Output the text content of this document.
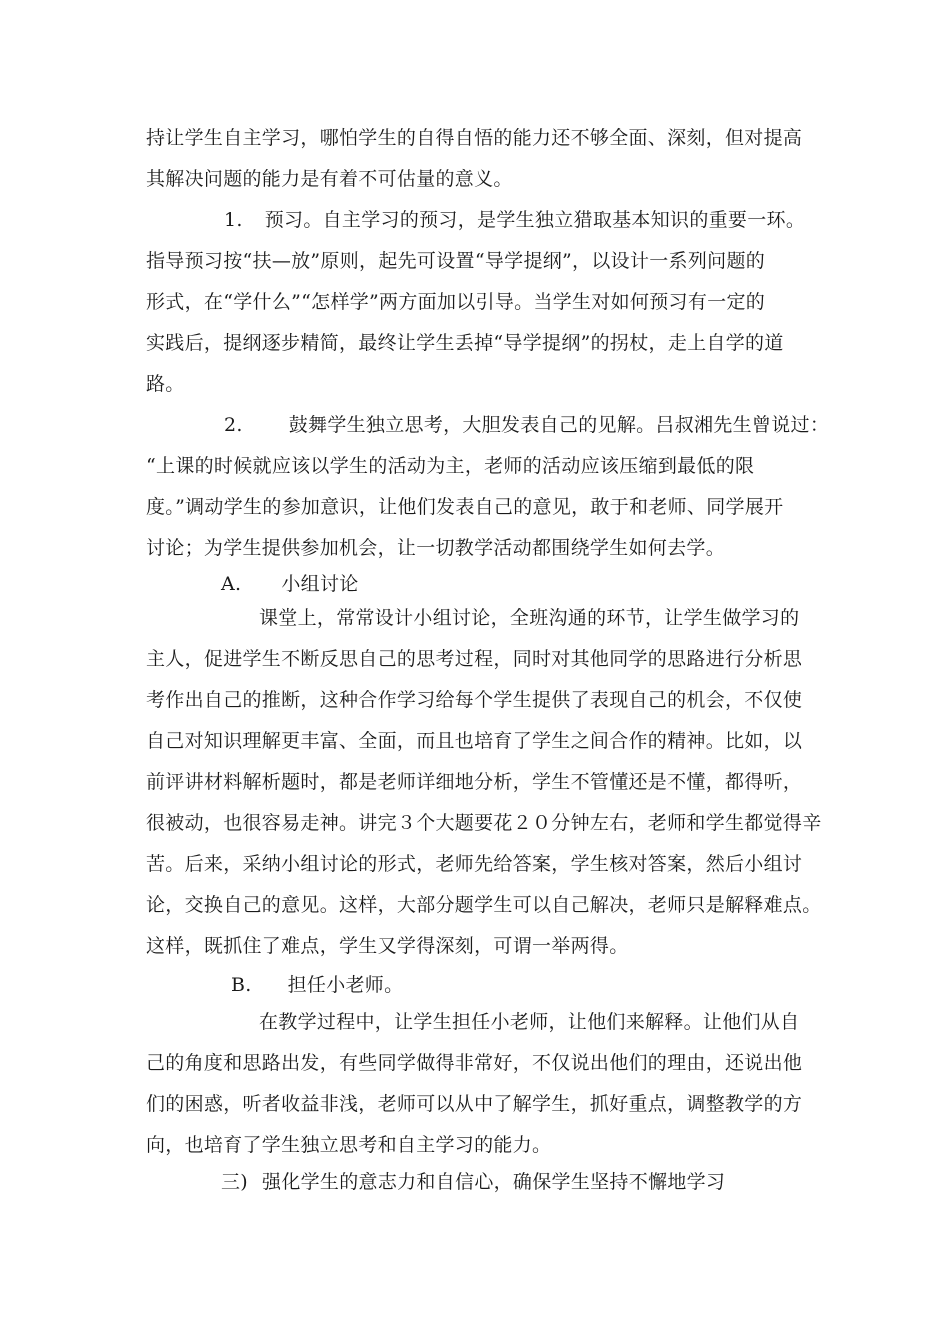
持让学生自主学习，哪怕学生的自得自悟的能力还不够全面、深刻，但对提高
其解决问题的能力是有着不可估量的意义。
1. 预习。自主学习的预习，是学生独立猎取基本知识的重要一环。
指导预习按“扶—放”原则，起先可设置“导学提纲”，以设计一系列问题的
形式，在“学什么”“怎样学”两方面加以引导。当学生对如何预习有一定的
实践后，提纲逐步精简，最终让学生丢掉“导学提纲”的拐杖，走上自学的道
路。
2. 鼓舞学生独立思考，大胆发表自己的见解。吕叔湘先生曾说过：
“上课的时候就应该以学生的活动为主，老师的活动应该压缩到最低的限
度。”调动学生的参加意识，让他们发表自己的意见，敢于和老师、同学展开
讨论；为学生提供参加机会，让一切教学活动都围绕学生如何去学。
A. 小组讨论
课堂上，常常设计小组讨论，全班沟通的环节，让学生做学习的
主人，促进学生不断反思自己的思考过程，同时对其他同学的思路进行分析思
考作出自己的推断，这种合作学习给每个学生提供了表现自己的机会，不仅使
自己对知识理解更丰富、全面，而且也培育了学生之间合作的精神。比如，以
前评讲材料解析题时，都是老师详细地分析，学生不管懂还是不懂，都得听，
很被动，也很容易走神。讲完３个大题要花２０分钟左右，老师和学生都觉得辛
苦。后来，采纳小组讨论的形式，老师先给答案，学生核对答案，然后小组讨
论，交换自己的意见。这样，大部分题学生可以自己解决，老师只是解释难点。
这样，既抓住了难点，学生又学得深刻，可谓一举两得。
B. 担任小老师。
在教学过程中，让学生担任小老师，让他们来解释。让他们从自
己的角度和思路出发，有些同学做得非常好，不仅说出他们的理由，还说出他
们的困惑，听者收益非浅，老师可以从中了解学生，抓好重点，调整教学的方
向，也培育了学生独立思考和自主学习的能力。
三) 强化学生的意志力和自信心，确保学生坚持不懈地学习
